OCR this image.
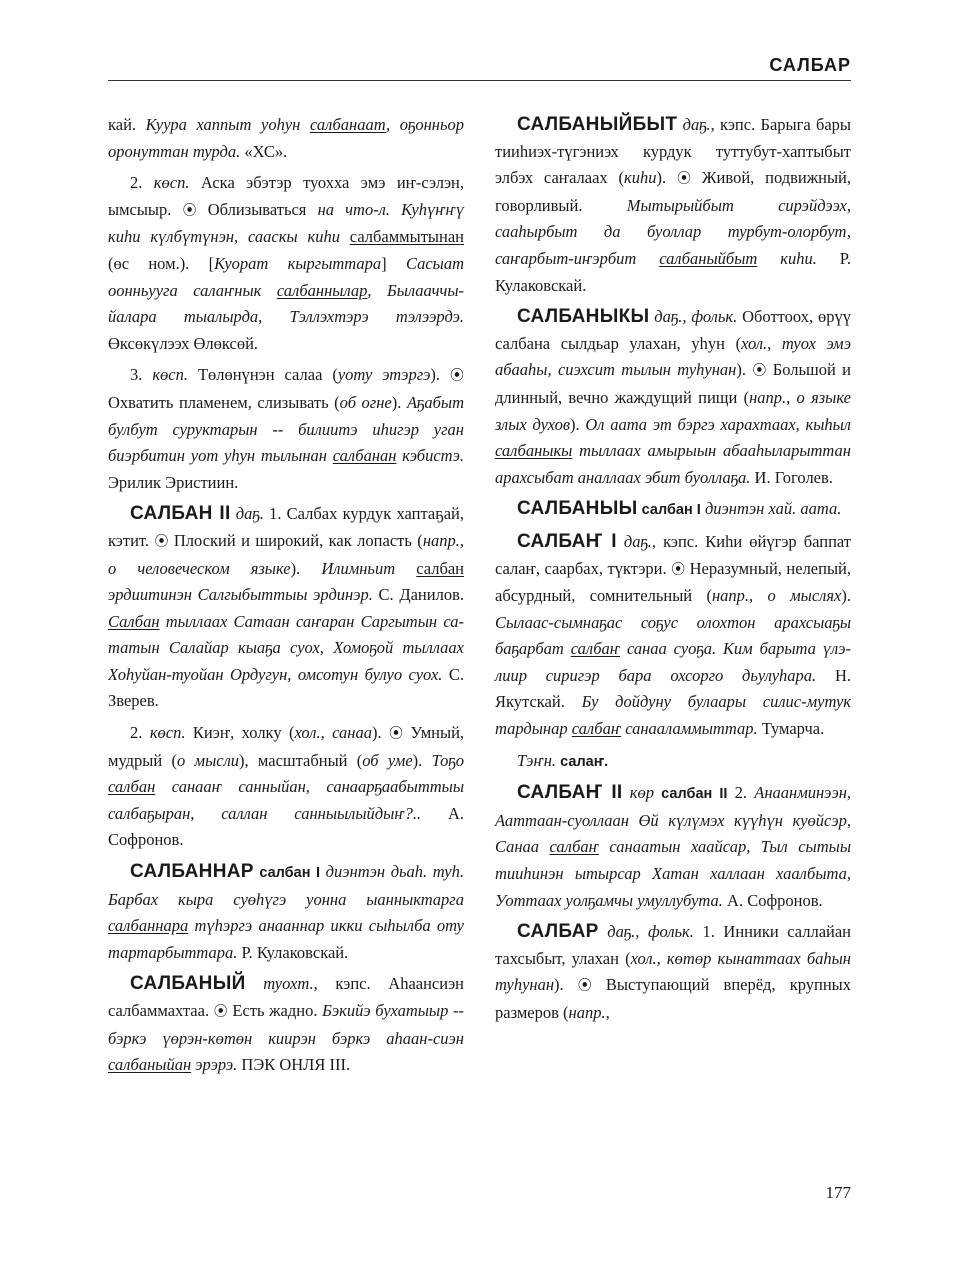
САЛБАР

кай. Куура хаппыт уоһун салбанаат, оҕонньор оронуттан турда. «ХС».

2. көсп. Аска эбэтэр туохха эмэ иҥ-сэлэн, ымсыыр. ⦿ Облизываться на что-л. Куһүҥҥү киһи күлбүтүнэн, сааскы киһи салбаммытынан (өс ном.). [Куорат кыргыттара] Сасыат оонньууга салаҥнык салбаннылар, Былааччыйалара тыалырда, Тэллэхтэрэ тэлээрдэ. Өксөкүлээх Өлөксөй.

3. көсп. Төлөнүнэн салаа (уоту этэргэ). ⦿ Охватить пламенем, слизывать (об огне). Аҕабыт булбут суруктарын -- билиитэ иһигэр уган биэрбитин уот уһун тылынан салбанан кэбистэ. Эрилик Эристиин.

САЛБАН II даҕ. 1. Салбах курдук хаптаҕай, кэтит. ⦿ Плоский и широкий, как лопасть (напр., о человеческом языке). Илимньит салбан эрдиитинэн Салгыбыттыы эрдинэр. С. Данилов. Салбан тыллаах Сатаан саҥаран Саргытын сататын Салайар кыаҕа суох, Хомоҕой тыллаах Хоһуйан-туойан Ордугун, омсотун булуо суох. С. Зверев.

2. көсп. Киэҥ, холку (хол., санаа). ⦿ Умный, мудрый (о мысли), масштабный (об уме). Тоҕо салбан санааҥ санныйан, санаарҕаабыттыы салбаҕыран, саллан санныылыйдыҥ?.. А. Софронов.

САЛБАННАР салбан I диэнтэн дьаһ. туһ. Барбах кыра суөһүгэ уонна ыанныктарга салбаннара түһэргэ анааннар икки сыһылба оту тартарбыттара. Р. Кулаковскай.

САЛБАНЫЙ туохт., кэпс. Аһаансиэн салбаммахтаа. ⦿ Есть жадно. Бэкийэ бухатыыр -- бэркэ үөрэн-көтөн киирэн бэркэ аһаан-сиэн салбаныйан эрэрэ. ПЭК ОНЛЯ III.

САЛБАНЫЙБЫТ даҕ., кэпс. Барыга бары тииһиэх-түгэниэх курдук туттубут-хаптыбыт элбэх саҥалаах (киһи). ⦿ Живой, подвижный, говорливый. Мытырыйбыт сирэйдээх, сааһырбыт да буоллар турбут-олорбут, саҥарбыт-иҥэрбит салбаныйбыт киһи. Р. Кулаковскай.

САЛБАНЫКЫ даҕ., фольк. Оботтоох, өрүү салбана сылдьар улахан, уһун (хол., туох эмэ абааһы, сиэхсит тылын туһунан). ⦿ Большой и длинный, вечно жаждущий пищи (напр., о языке злых духов). Ол аата эт бэргэ харахтаах, кыһыл салбаныкы тыллаах амырыын абааһыларыттан арахсыбат аналлаах эбит буоллаҕа. И. Гоголев.

САЛБАНЫЫ салбан I диэнтэн хай. аата.

САЛБАҤ I даҕ., кэпс. Киһи өйүгэр баппат салаҥ, саарбах, түктэри. ⦿ Неразумный, нелепый, абсурдный, сомнительный (напр., о мыслях). Сылаас-сымнаҕас соҕус олохтон арахсыаҕы баҕарбат салбаҥ санаа суоҕа. Ким барыта үлэлиир сиригэр бара охсорго дьулуһара. Н. Якутскай. Бу дойдуну булаары силис-мутук тардынар салбаҥ санааламмыттар. Тумарча.

Тэҥн. салаҥ.

САЛБАҤ II көр салбан II 2. Анаанминээн, Ааттаан-суоллаан Өй күлүмэх күүһүн куөйсэр, Санаа салбаҥ санаатын хаайсар, Тыл сытыы тииһинэн ытырсар Хатан халлаан хаалбыта, Уоттаах уолҕамчы умуллубута. А. Софронов.

САЛБАР даҕ., фольк. 1. Инники саллайан тахсыбыт, улахан (хол., көтөр кынаттаах баһын туһунан). ⦿ Выступающий вперёд, крупных размеров (напр.,

177
